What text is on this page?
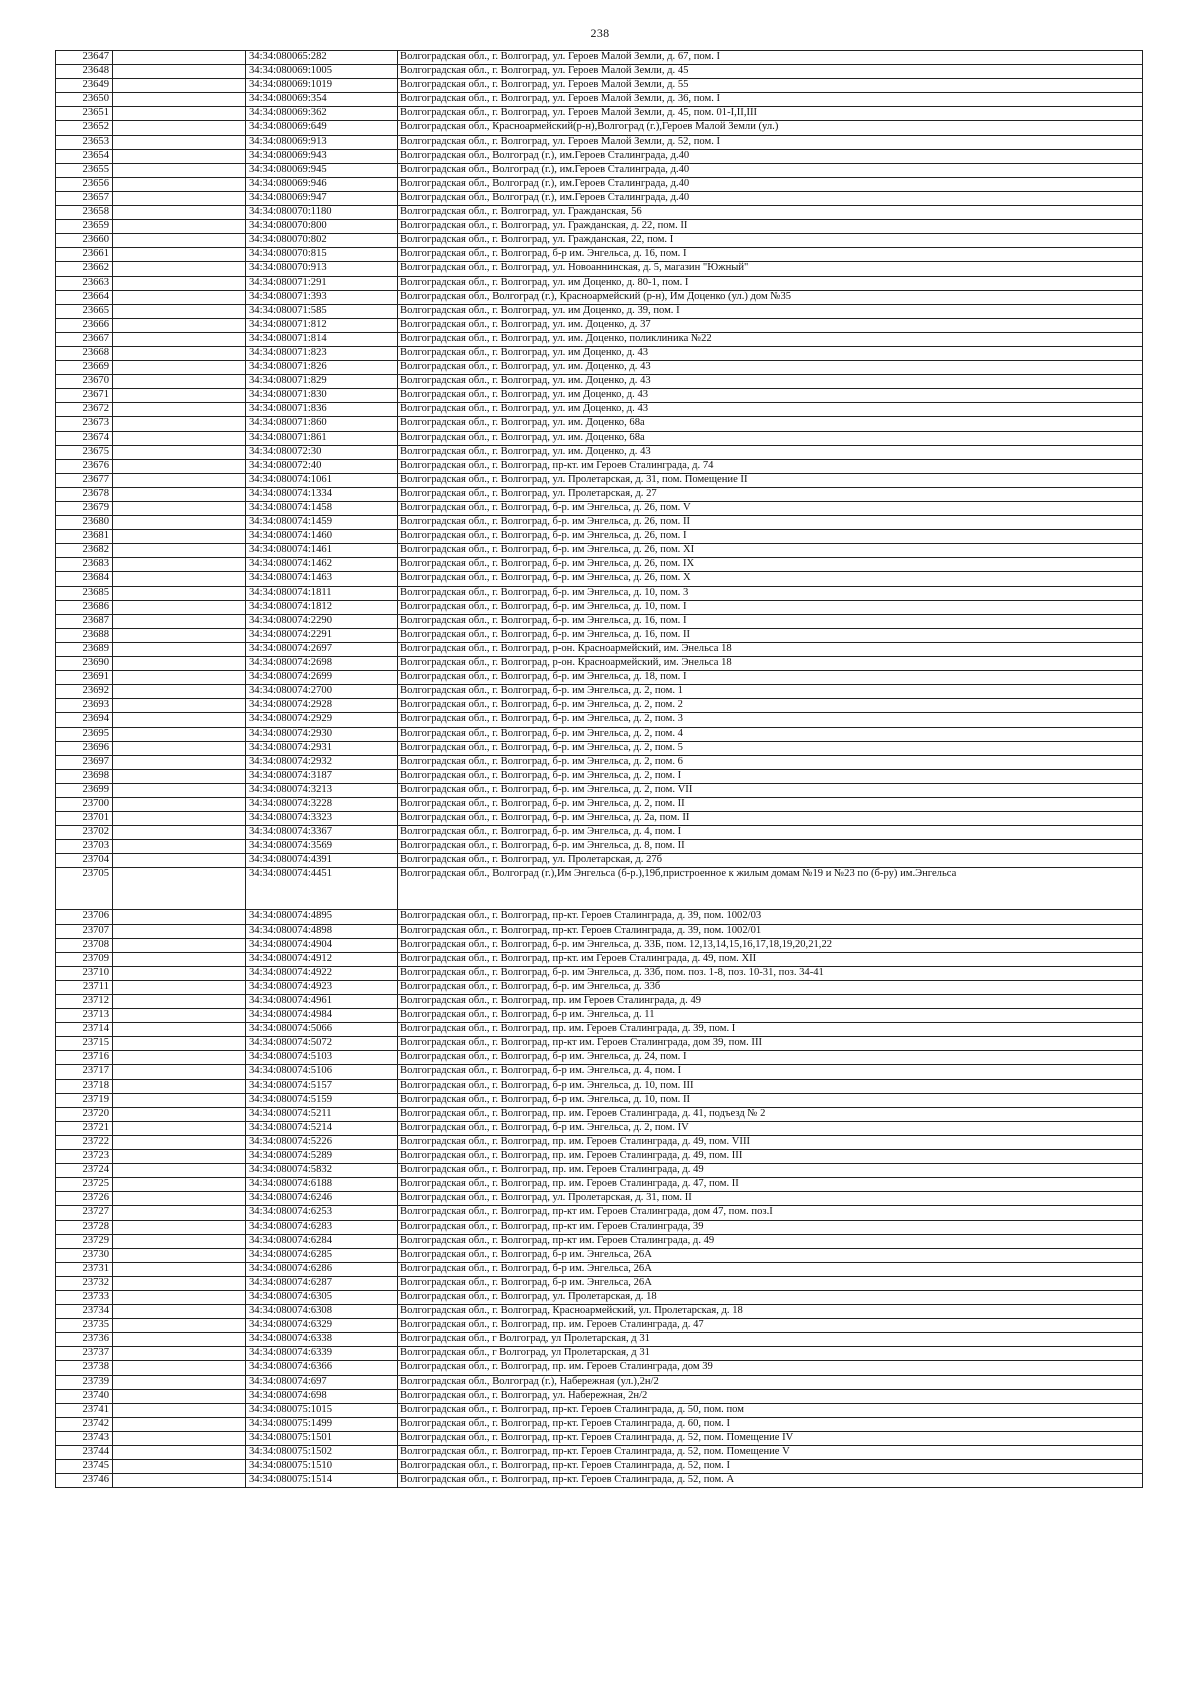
238
23647		34:34:080065:282	Волгоградская обл., г. Волгоград, ул. Героев Малой Земли, д. 67, пом. I
23648		34:34:080069:1005	Волгоградская обл., г. Волгоград, ул. Героев Малой Земли, д. 45
23649		34:34:080069:1019	Волгоградская обл., г. Волгоград, ул. Героев Малой Земли, д. 55
23650		34:34:080069:354	Волгоградская обл., г. Волгоград, ул. Героев Малой Земли, д. 36, пом. I
23651		34:34:080069:362	Волгоградская обл., г. Волгоград, ул. Героев Малой Земли, д. 45, пом. 01-I,II,III
23652		34:34:080069:649	Волгоградская обл., Красноармейский(р-н),Волгоград (г.),Героев Малой Земли (ул.)
23653		34:34:080069:913	Волгоградская обл., г. Волгоград, ул. Героев Малой Земли, д. 52, пом. I
23654		34:34:080069:943	Волгоградская обл., Волгоград (г.), им.Героев Сталинграда, д.40
23655		34:34:080069:945	Волгоградская обл., Волгоград (г.), им.Героев Сталинграда, д.40
23656		34:34:080069:946	Волгоградская обл., Волгоград (г.), им.Героев Сталинграда, д.40
23657		34:34:080069:947	Волгоградская обл., Волгоград (г.), им.Героев Сталинграда, д.40
23658		34:34:080070:1180	Волгоградская обл., г. Волгоград, ул. Гражданская, 56
23659		34:34:080070:800	Волгоградская обл., г. Волгоград, ул. Гражданская, д. 22, пом. II
23660		34:34:080070:802	Волгоградская обл., г. Волгоград, ул. Гражданская, 22, пом. I
23661		34:34:080070:815	Волгоградская обл., г. Волгоград, б-р им. Энгельса, д. 16, пом. I
23662		34:34:080070:913	Волгоградская обл., г. Волгоград, ул. Новоаннинская, д. 5, магазин "Южный"
23663		34:34:080071:291	Волгоградская обл., г. Волгоград, ул. им Доценко, д. 80-1, пом. I
23664		34:34:080071:393	Волгоградская обл., Волгоград (г.), Красноармейский (р-н), Им Доценко (ул.) дом №35
23665		34:34:080071:585	Волгоградская обл., г. Волгоград, ул. им Доценко, д. 39, пом. I
23666		34:34:080071:812	Волгоградская обл., г. Волгоград, ул. им. Доценко, д. 37
23667		34:34:080071:814	Волгоградская обл., г. Волгоград, ул. им. Доценко, поликлиника №22
23668		34:34:080071:823	Волгоградская обл., г. Волгоград, ул. им Доценко, д. 43
23669		34:34:080071:826	Волгоградская обл., г. Волгоград, ул. им. Доценко, д. 43
23670		34:34:080071:829	Волгоградская обл., г. Волгоград, ул. им. Доценко, д. 43
23671		34:34:080071:830	Волгоградская обл., г. Волгоград, ул. им Доценко, д. 43
23672		34:34:080071:836	Волгоградская обл., г. Волгоград, ул. им Доценко, д. 43
23673		34:34:080071:860	Волгоградская обл., г. Волгоград, ул. им. Доценко, 68а
23674		34:34:080071:861	Волгоградская обл., г. Волгоград, ул. им. Доценко, 68а
23675		34:34:080072:30	Волгоградская обл., г. Волгоград, ул. им. Доценко, д. 43
23676		34:34:080072:40	Волгоградская обл., г. Волгоград, пр-кт. им Героев Сталинграда, д. 74
23677		34:34:080074:1061	Волгоградская обл., г. Волгоград, ул. Пролетарская, д. 31, пом. Помещение II
23678		34:34:080074:1334	Волгоградская обл., г. Волгоград, ул. Пролетарская, д. 27
23679		34:34:080074:1458	Волгоградская обл., г. Волгоград, б-р. им Энгельса, д. 26, пом. V
23680		34:34:080074:1459	Волгоградская обл., г. Волгоград, б-р. им Энгельса, д. 26, пом. II
23681		34:34:080074:1460	Волгоградская обл., г. Волгоград, б-р. им Энгельса, д. 26, пом. I
23682		34:34:080074:1461	Волгоградская обл., г. Волгоград, б-р. им Энгельса, д. 26, пом. XI
23683		34:34:080074:1462	Волгоградская обл., г. Волгоград, б-р. им Энгельса, д. 26, пом. IX
23684		34:34:080074:1463	Волгоградская обл., г. Волгоград, б-р. им Энгельса, д. 26, пом. X
23685		34:34:080074:1811	Волгоградская обл., г. Волгоград, б-р. им Энгельса, д. 10, пом. 3
23686		34:34:080074:1812	Волгоградская обл., г. Волгоград, б-р. им Энгельса, д. 10, пом. I
23687		34:34:080074:2290	Волгоградская обл., г. Волгоград, б-р. им Энгельса, д. 16, пом. I
23688		34:34:080074:2291	Волгоградская обл., г. Волгоград, б-р. им Энгельса, д. 16, пом. II
23689		34:34:080074:2697	Волгоградская обл., г. Волгоград, р-он. Красноармейский, им. Энельса 18
23690		34:34:080074:2698	Волгоградская обл., г. Волгоград, р-он. Красноармейский, им. Энельса 18
23691		34:34:080074:2699	Волгоградская обл., г. Волгоград, б-р. им Энгельса, д. 18, пом. I
23692		34:34:080074:2700	Волгоградская обл., г. Волгоград, б-р. им Энгельса, д. 2, пом. 1
23693		34:34:080074:2928	Волгоградская обл., г. Волгоград, б-р. им Энгельса, д. 2, пом. 2
23694		34:34:080074:2929	Волгоградская обл., г. Волгоград, б-р. им Энгельса, д. 2, пом. 3
23695		34:34:080074:2930	Волгоградская обл., г. Волгоград, б-р. им Энгельса, д. 2, пом. 4
23696		34:34:080074:2931	Волгоградская обл., г. Волгоград, б-р. им Энгельса, д. 2, пом. 5
23697		34:34:080074:2932	Волгоградская обл., г. Волгоград, б-р. им Энгельса, д. 2, пом. 6
23698		34:34:080074:3187	Волгоградская обл., г. Волгоград, б-р. им Энгельса, д. 2, пом. I
23699		34:34:080074:3213	Волгоградская обл., г. Волгоград, б-р. им Энгельса, д. 2, пом. VII
23700		34:34:080074:3228	Волгоградская обл., г. Волгоград, б-р. им Энгельса, д. 2, пом. II
23701		34:34:080074:3323	Волгоградская обл., г. Волгоград, б-р. им Энгельса, д. 2а, пом. II
23702		34:34:080074:3367	Волгоградская обл., г. Волгоград, б-р. им Энгельса, д. 4, пом. I
23703		34:34:080074:3569	Волгоградская обл., г. Волгоград, б-р. им Энгельса, д. 8, пом. II
23704		34:34:080074:4391	Волгоградская обл., г. Волгоград, ул. Пролетарская, д. 27б
23705		34:34:080074:4451	Волгоградская обл., Волгоград (г.),Им Энгельса (б-р.),19б,пристроенное к жилым домам №19 и №23 по (б-ру) им.Энгельса
23706		34:34:080074:4895	Волгоградская обл., г. Волгоград, пр-кт. Героев Сталинграда, д. 39, пом. 1002/03
23707		34:34:080074:4898	Волгоградская обл., г. Волгоград, пр-кт. Героев Сталинграда, д. 39, пом. 1002/01
23708		34:34:080074:4904	Волгоградская обл., г. Волгоград, б-р. им Энгельса, д. 33Б, пом. 12,13,14,15,16,17,18,19,20,21,22
23709		34:34:080074:4912	Волгоградская обл., г. Волгоград, пр-кт. им Героев Сталинграда, д. 49, пом. XII
23710		34:34:080074:4922	Волгоградская обл., г. Волгоград, б-р. им Энгельса, д. 33б, пом. поз. 1-8, поз. 10-31, поз. 34-41
23711		34:34:080074:4923	Волгоградская обл., г. Волгоград, б-р. им Энгельса, д. 33б
23712		34:34:080074:4961	Волгоградская обл., г. Волгоград, пр. им Героев Сталинграда, д. 49
23713		34:34:080074:4984	Волгоградская обл., г. Волгоград, б-р им. Энгельса, д. 11
23714		34:34:080074:5066	Волгоградская обл., г. Волгоград, пр. им. Героев Сталинграда, д. 39, пом. I
23715		34:34:080074:5072	Волгоградская обл., г. Волгоград, пр-кт им. Героев Сталинграда, дом 39, пом. III
23716		34:34:080074:5103	Волгоградская обл., г. Волгоград, б-р им. Энгельса, д. 24, пом. I
23717		34:34:080074:5106	Волгоградская обл., г. Волгоград, б-р им. Энгельса, д. 4, пом. I
23718		34:34:080074:5157	Волгоградская обл., г. Волгоград, б-р им. Энгельса, д. 10, пом. III
23719		34:34:080074:5159	Волгоградская обл., г. Волгоград, б-р им. Энгельса, д. 10, пом. II
23720		34:34:080074:5211	Волгоградская обл., г. Волгоград, пр. им. Героев Сталинграда, д. 41, подъезд № 2
23721		34:34:080074:5214	Волгоградская обл., г. Волгоград, б-р им. Энгельса, д. 2, пом. IV
23722		34:34:080074:5226	Волгоградская обл., г. Волгоград, пр. им. Героев Сталинграда, д. 49, пом. VIII
23723		34:34:080074:5289	Волгоградская обл., г. Волгоград, пр. им. Героев Сталинграда, д. 49, пом. III
23724		34:34:080074:5832	Волгоградская обл., г. Волгоград, пр. им. Героев Сталинграда, д. 49
23725		34:34:080074:6188	Волгоградская обл., г. Волгоград, пр. им. Героев Сталинграда, д. 47, пом. II
23726		34:34:080074:6246	Волгоградская обл., г. Волгоград, ул. Пролетарская, д. 31, пом. II
23727		34:34:080074:6253	Волгоградская обл., г. Волгоград, пр-кт им. Героев Сталинграда, дом 47, пом. поз.I
23728		34:34:080074:6283	Волгоградская обл., г. Волгоград, пр-кт им. Героев Сталинграда, 39
23729		34:34:080074:6284	Волгоградская обл., г. Волгоград, пр-кт им. Героев Сталинграда, д. 49
23730		34:34:080074:6285	Волгоградская обл., г. Волгоград, б-р им. Энгельса, 26А
23731		34:34:080074:6286	Волгоградская обл., г. Волгоград, б-р им. Энгельса, 26А
23732		34:34:080074:6287	Волгоградская обл., г. Волгоград, б-р им. Энгельса, 26А
23733		34:34:080074:6305	Волгоградская обл., г. Волгоград, ул. Пролетарская, д. 18
23734		34:34:080074:6308	Волгоградская обл., г. Волгоград, Красноармейский, ул. Пролетарская, д. 18
23735		34:34:080074:6329	Волгоградская обл., г. Волгоград, пр. им. Героев Сталинграда, д. 47
23736		34:34:080074:6338	Волгоградская обл., г Волгоград, ул Пролетарская, д 31
23737		34:34:080074:6339	Волгоградская обл., г Волгоград, ул Пролетарская, д 31
23738		34:34:080074:6366	Волгоградская обл., г. Волгоград, пр. им. Героев Сталинграда, дом 39
23739		34:34:080074:697	Волгоградская обл., Волгоград (г.), Набережная (ул.),2н/2
23740		34:34:080074:698	Волгоградская обл., г. Волгоград, ул. Набережная, 2н/2
23741		34:34:080075:1015	Волгоградская обл., г. Волгоград, пр-кт. Героев Сталинграда, д. 50, пом. пом
23742		34:34:080075:1499	Волгоградская обл., г. Волгоград, пр-кт. Героев Сталинграда, д. 60, пом. I
23743		34:34:080075:1501	Волгоградская обл., г. Волгоград, пр-кт. Героев Сталинграда, д. 52, пом. Помещение IV
23744		34:34:080075:1502	Волгоградская обл., г. Волгоград, пр-кт. Героев Сталинграда, д. 52, пом. Помещение V
23745		34:34:080075:1510	Волгоградская обл., г. Волгоград, пр-кт. Героев Сталинграда, д. 52, пом. I
23746		34:34:080075:1514	Волгоградская обл., г. Волгоград, пр-кт. Героев Сталинграда, д. 52, пом. А
